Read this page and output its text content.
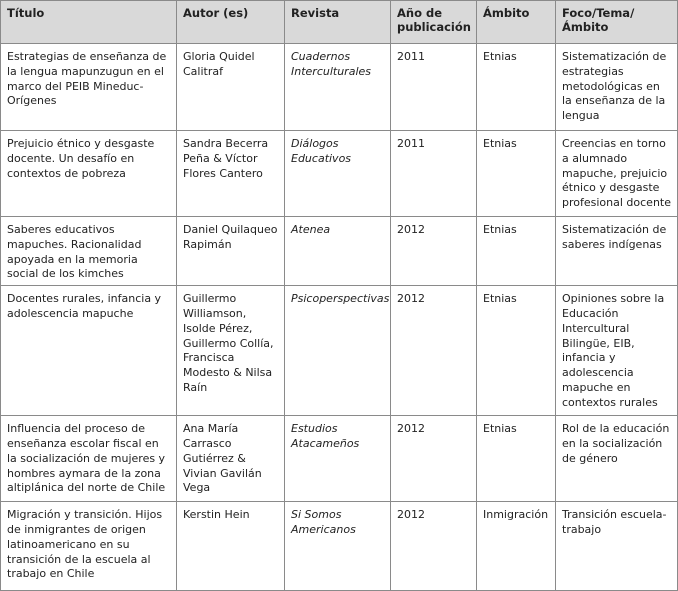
Título	Autor (es)	Revista	Año de publicación	Ámbito	Foco/Tema/ Ámbito
Estrategias de enseñanza de la lengua mapunzugun en el marco del PEIB Mineduc-Orígenes	Gloria Quidel Calitraf	Cuadernos Interculturales	2011	Etnias	Sistematización de estrategias metodológicas en la enseñanza de la lengua
Prejuicio étnico y desgaste docente. Un desafío en contextos de pobreza	Sandra Becerra Peña & Víctor Flores Cantero	Diálogos Educativos	2011	Etnias	Creencias en torno a alumnado mapuche, prejuicio étnico y desgaste profesional docente
Saberes educativos mapuches. Racionalidad apoyada en la memoria social de los kimches	Daniel Quilaqueo Rapimán	Atenea	2012	Etnias	Sistematización de saberes indígenas
Docentes rurales, infancia y adolescencia mapuche	Guillermo Williamson, Isolde Pérez, Guillermo Collía, Francisca Modesto & Nilsa Raín	Psicoperspectivas	2012	Etnias	Opiniones sobre la Educación Intercultural Bilingüe, EIB, infancia y adolescencia mapuche en contextos rurales
Influencia del proceso de enseñanza escolar fiscal en la socialización de mujeres y hombres aymara de la zona altiplánica del norte de Chile	Ana María Carrasco Gutiérrez & Vivian Gavilán Vega	Estudios Atacameños	2012	Etnias	Rol de la educación en la socialización de género
Migración y transición. Hijos de inmigrantes de origen latinoamericano en su transición de la escuela al trabajo en Chile	Kerstin Hein	Si Somos Americanos	2012	Inmigración	Transición escuela-trabajo
